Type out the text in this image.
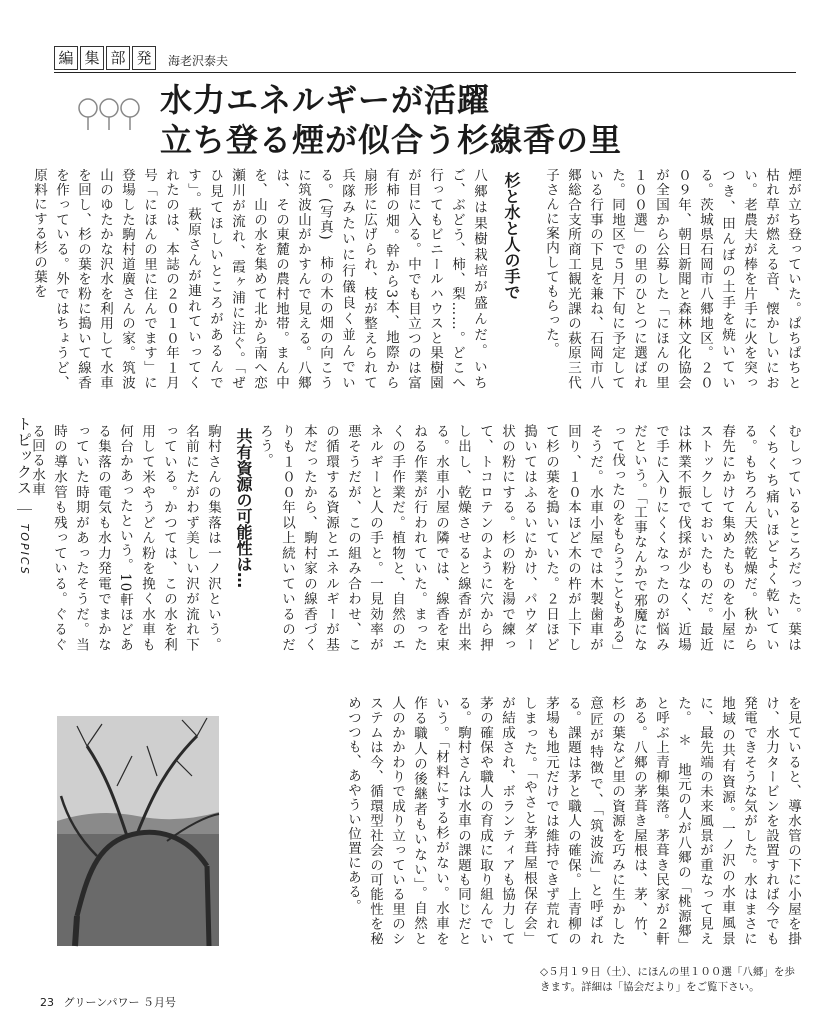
編 集 部 発	海老沢泰夫
水力エネルギーが活躍
立ち登る煙が似合う杉線香の里
煙が立ち登っていた。ぱちぱちと枯れ草が燃える音、懐かしいにおい。老農夫が棒を片手に火を突っつき、田んぼの土手を焼いている。茨城県石岡市八郷地区。２００９年、朝日新聞と森林文化協会が全国から公募した「にほんの里１００選」の里のひとつに選ばれた。同地区で５月下旬に予定している行事の下見を兼ね、石岡市八郷総合支所商工観光課の萩原三代子さんに案内してもらった。
杉と水と人の手で
八郷は果樹栽培が盛んだ。いちご、ぶどう、柿、梨……。どこへ行ってもビニールハウスと果樹園が目に入る。中でも目立つのは富有柿の畑。幹から3本、地際から扇形に広げられ、枝が整えられて兵隊みたいに行儀良く並んでいる。(写真)　柿の木の畑の向こうに筑波山がかすんで見える。八郷は、その東麓の農村地帯。まん中を、山の水を集めて北から南へ恋瀬川が流れ、霞ヶ浦に注ぐ。「ぜひ見てほしいところがあるんです」。萩原さんが連れていってくれたのは、本誌の２０１０年１月号「にほんの里に住んでます」に登場した駒村道廣さんの家。筑波山のゆたかな沢水を利用して水車を回し、杉の葉を粉に搗いて線香を作っている。外ではちょうど、原料にする杉の葉を
むしっているところだった。葉はくちくち痛いほどよく乾いている。もちろん天然乾燥だ。秋から春先にかけて集めたものを小屋にストックしておいたものだ。最近は林業不振で伐採が少なく、近場で手に入りにくくなったのが悩みだという。「工事なんかで邪魔になって伐ったのをもらうこともある」そうだ。水車小屋では木製歯車が回り、１０本ほど木の杵が上下して杉の葉を搗いていた。２日ほど搗いてはふるいにかけ、パウダー状の粉にする。杉の粉を湯で練って、トコロテンのように穴から押し出し、乾燥させると線香が出来る。水車小屋の隣では、線香を束ねる作業が行われていた。まったくの手作業だ。植物と、自然のエネルギーと人の手と。一見効率が悪そうだが、この組み合わせ、この循環する資源とエネルギーが基本だったから、駒村家の線香づくりも１００年以上続いているのだろう。
共有資源の可能性は…
駒村さんの集落は一ノ沢という。名前にたがわず美しい沢が流れ下っている。かつては、この水を利用して米やうどん粉を挽く水車も何台かあったという。10軒ほどある集落の電気も水力発電でまかなっていた時期があったそうだ。当時の導水管も残っている。ぐるぐる回る水車
を見ていると、導水管の下に小屋を掛け、水力タービンを設置すれば今でも発電できそうな気がした。水はまさに地域の共有資源。一ノ沢の水車風景に、最先端の未来風景が重なって見えた。　＊　地元の人が八郷の「桃源郷」と呼ぶ上青柳集落。茅葺き民家が２軒ある。八郷の茅葺き屋根は、茅、竹、杉の葉など里の資源を巧みに生かした意匠が特徴で、「筑波流」と呼ばれる。課題は茅と職人の確保。上青柳の茅場も地元だけでは維持できず荒れてしまった。「やさと茅葺屋根保存会」が結成され、ボランティアも協力して茅の確保や職人の育成に取り組んでいる。駒村さんは水車の課題も同じだという。「材料にする杉がない。水車を作る職人の後継者もいない」。自然と人のかかわりで成り立っている里のシステムは今、循環型社会の可能性を秘めつつも、あやうい位置にある。
◇５月１９日（土）、にほんの里１００選「八郷」を歩きます。詳細は「協会だより」をご覧下さい。
トピックス ｜ TOPICS
23 グリーンパワー ５月号
